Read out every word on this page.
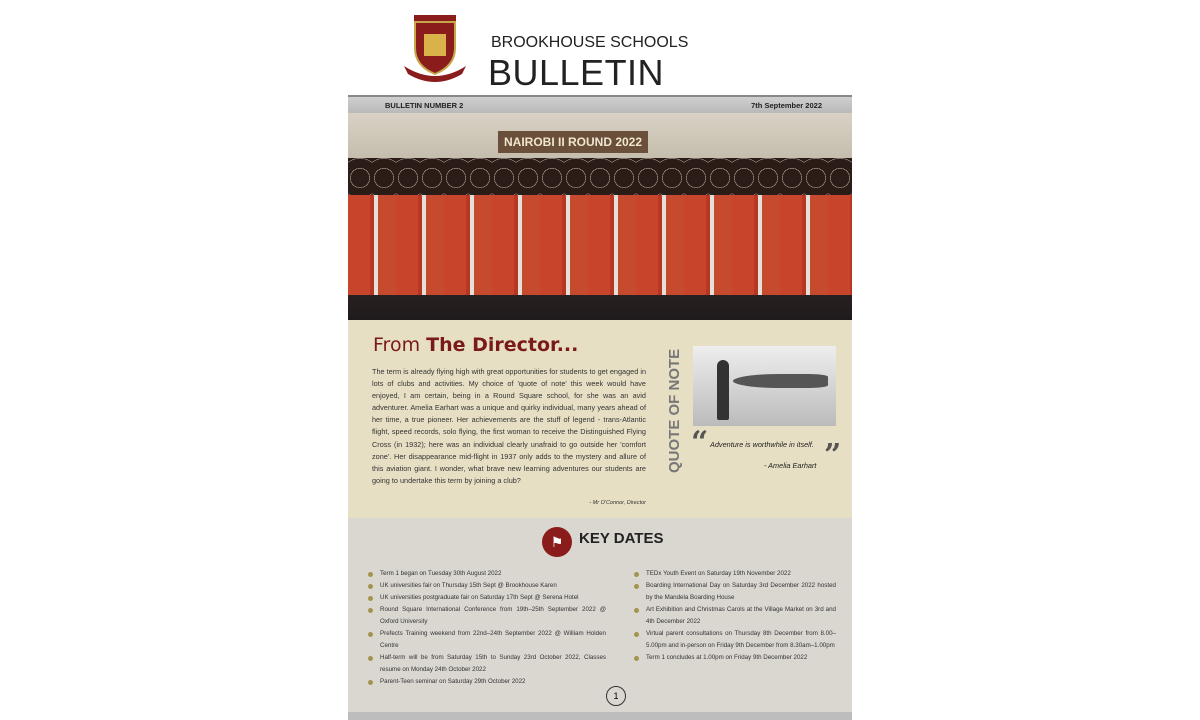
BROOKHOUSE SCHOOLS
BULLETIN
BULLETIN NUMBER 2	7th September 2022
NAIROBI II ROUND 2022
From The Director...

The term is already flying high with great opportunities for students to get engaged in lots of clubs and activities. My choice of 'quote of note' this week would have enjoyed, I am certain, being in a Round Square school, for she was an avid adventurer. Amelia Earhart was a unique and quirky individual, many years ahead of her time, a true pioneer. Her achievements are the stuff of legend - trans-Atlantic flight, speed records, solo flying, the first woman to receive the Distinguished Flying Cross (in 1932); here was an individual clearly unafraid to go outside her 'comfort zone'. Her disappearance mid-flight in 1937 only adds to the mystery and allure of this aviation giant. I wonder, what brave new learning adventures our students are going to undertake this term by joining a club?

- Mr O'Connor, Director
QUOTE OF NOTE “ Adventure is worthwhile in itself. ”
- Amelia Earhart
⚑	KEY DATES
Term 1 began on Tuesday 30th August 2022
UK universities fair on Thursday 15th Sept @ Brookhouse Karen
UK universities postgraduate fair on Saturday 17th Sept @ Serena Hotel
Round Square International Conference from 19th–25th September 2022 @ Oxford University
Prefects Training weekend from 22nd–24th September 2022 @ William Holden Centre
Half-term will be from Saturday 15th to Sunday 23rd October 2022, Classes resume on Monday 24th October 2022
Parent-Teen seminar on Saturday 29th October 2022
TEDx Youth Event on Saturday 19th November 2022
Boarding International Day on Saturday 3rd December 2022 hosted by the Mandela Boarding House
Art Exhibition and Christmas Carols at the Village Market on 3rd and 4th December 2022
Virtual parent consultations on Thursday 8th December from 8.00–5.00pm and in-person on Friday 9th December from 8.30am–1.00pm
Term 1 concludes at 1.00pm on Friday 9th December 2022
1
